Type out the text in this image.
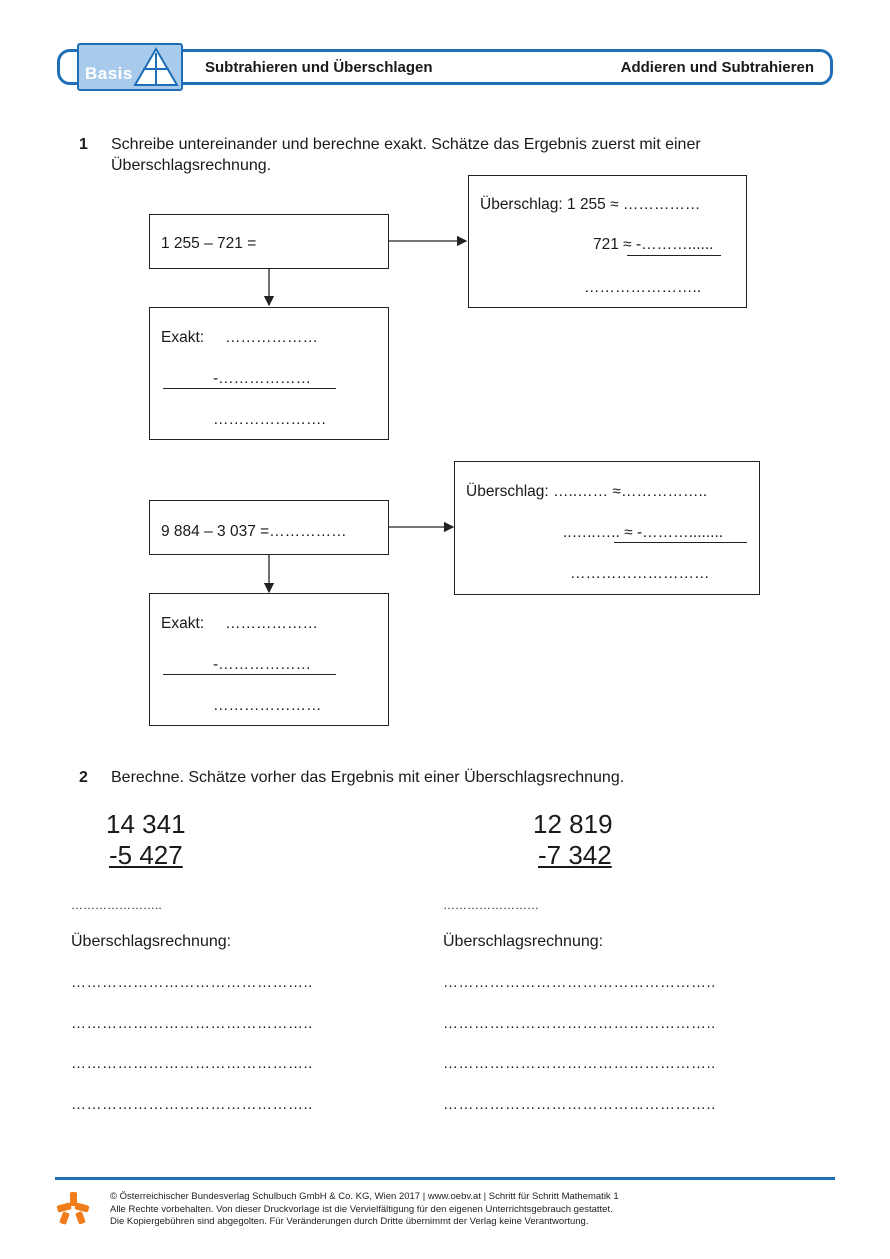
Basis	Subtrahieren und Überschlagen	Addieren und Subtrahieren
1 Schreibe untereinander und berechne exakt. Schätze das Ergebnis zuerst mit einer Überschlagsrechnung.
1 255 – 721 =
Überschlag: 1 255 ≈ ……………
721 ≈ -………......
…………………..
Exakt: ………………
-………………
………………….
9 884 – 3 037 =……………
Überschlag: …..…… ≈……………..
..…..….. ≈ -………........
………………………
Exakt: ………………
-………………
…………………
2 Berechne. Schätze vorher das Ergebnis mit einer Überschlagsrechnung.
14 341
-5 427
12 819
-7 342
…………………..	……………………
Überschlagsrechnung:	Überschlagsrechnung:
………………………………………..
………………………………………..
………………………………………..
………………………………………..
……………………………………………..
……………………………………………..
……………………………………………..
……………………………………………..
© Österreichischer Bundesverlag Schulbuch GmbH & Co. KG, Wien 2017 | www.oebv.at | Schritt für Schritt Mathematik 1
Alle Rechte vorbehalten. Von dieser Druckvorlage ist die Vervielfältigung für den eigenen Unterrichtsgebrauch gestattet.
Die Kopiergebühren sind abgegolten. Für Veränderungen durch Dritte übernimmt der Verlag keine Verantwortung.
